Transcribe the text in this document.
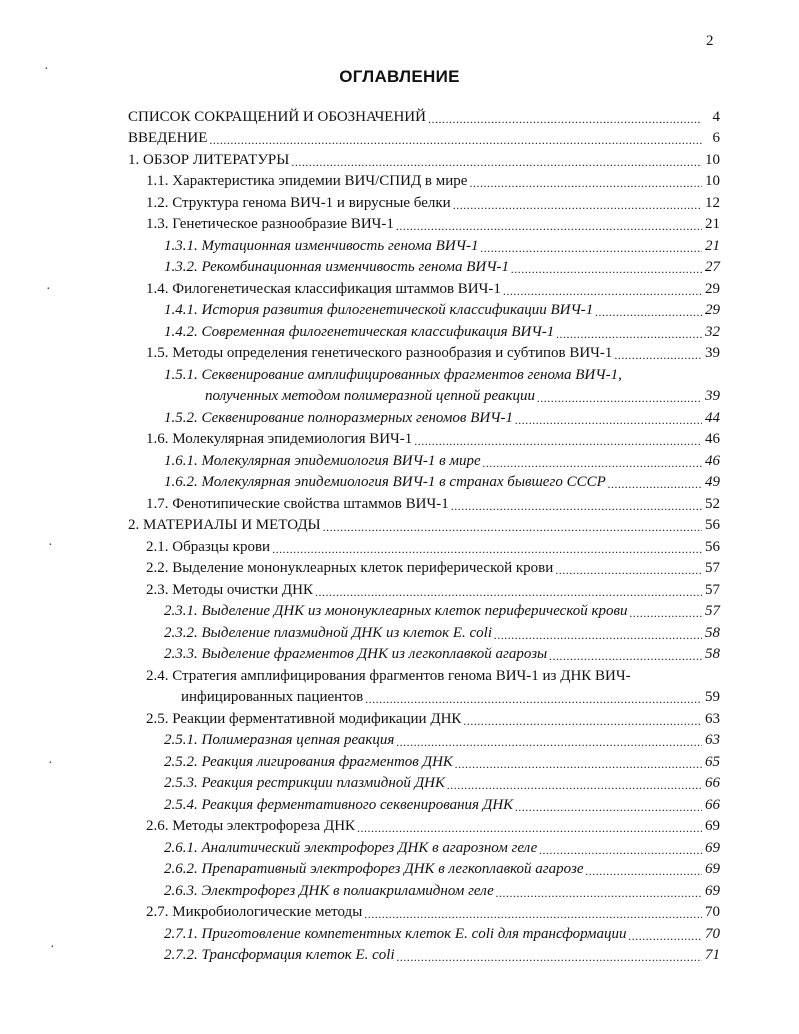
2
ОГЛАВЛЕНИЕ
·
·
·
·
·
СПИСОК СОКРАЩЕНИЙ И ОБОЗНАЧЕНИЙ .....	4
ВВЕДЕНИЕ .....	6
1. ОБЗОР ЛИТЕРАТУРЫ .....	10
1.1. Характеристика эпидемии ВИЧ/СПИД в мире .....	10
1.2. Структура генома ВИЧ-1 и вирусные белки .....	12
1.3. Генетическое разнообразие ВИЧ-1 .....	21
1.3.1. Мутационная изменчивость генома ВИЧ-1 .....	21
1.3.2. Рекомбинационная изменчивость генома ВИЧ-1 .....	27
1.4. Филогенетическая классификация штаммов ВИЧ-1 .....	29
1.4.1. История развития филогенетической классификации ВИЧ-1 .....	29
1.4.2. Современная филогенетическая классификация ВИЧ-1 .....	32
1.5. Методы определения генетического разнообразия и субтипов ВИЧ-1 .....	39
1.5.1. Секвенирование амплифицированных фрагментов генома ВИЧ-1,
полученных методом полимеразной цепной реакции .....	39
1.5.2. Секвенирование полноразмерных геномов ВИЧ-1 .....	44
1.6. Молекулярная эпидемиология ВИЧ-1 .....	46
1.6.1. Молекулярная эпидемиология ВИЧ-1 в мире .....	46
1.6.2. Молекулярная эпидемиология ВИЧ-1 в странах бывшего СССР .....	49
1.7. Фенотипические свойства штаммов ВИЧ-1 .....	52
2. МАТЕРИАЛЫ И МЕТОДЫ .....	56
2.1. Образцы крови .....	56
2.2. Выделение мононуклеарных клеток периферической крови .....	57
2.3. Методы очистки ДНК .....	57
2.3.1. Выделение ДНК из мононуклеарных клеток периферической крови .....	57
2.3.2. Выделение плазмидной ДНК из клеток E. coli .....	58
2.3.3. Выделение фрагментов ДНК из легкоплавкой агарозы .....	58
2.4. Стратегия амплифицирования фрагментов генома ВИЧ-1 из ДНК ВИЧ-
инфицированных пациентов .....	59
2.5. Реакции ферментативной модификации ДНК .....	63
2.5.1. Полимеразная цепная реакция .....	63
2.5.2. Реакция лигирования фрагментов ДНК .....	65
2.5.3. Реакция рестрикции плазмидной ДНК .....	66
2.5.4. Реакция ферментативного секвенирования ДНК .....	66
2.6. Методы электрофореза ДНК .....	69
2.6.1. Аналитический электрофорез ДНК в агарозном геле .....	69
2.6.2. Препаративный электрофорез ДНК в легкоплавкой агарозе .....	69
2.6.3. Электрофорез ДНК в полиакриламидном геле .....	69
2.7. Микробиологические методы .....	70
2.7.1. Приготовление компетентных клеток E. coli для трансформации .....	70
2.7.2. Трансформация клеток E. coli .....	71
